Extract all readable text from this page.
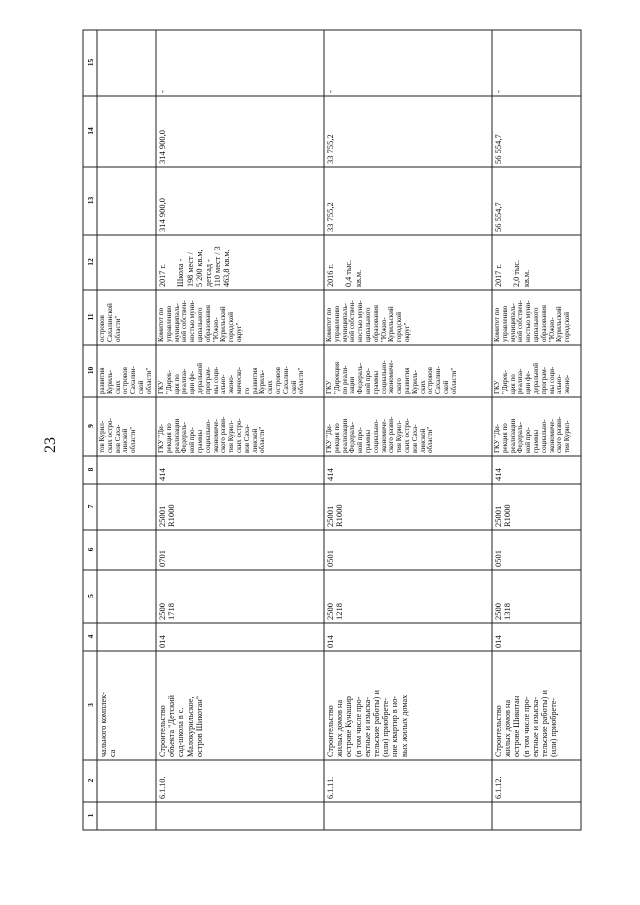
23
1
2
3
4
5
6
7
8
9
10
11
12
13
14
15
чального комплек-
са
тов Курил-
ских остро-
вов Саха-
линской
области"
развития
Куриль-
ских
островов
Сахалин-
ской
области"
островов
Сахалинской
области"
6.1.10.
Строительство
объекта "Детский
сад-школа в с.
Малокурильское,
остров Шикотан"
014
2500
1718
0701
25001
R1000
414
ГКУ "Ди-
рекция по
реализации
Федераль-
ной про-
граммы
социально-
экономиче-
ского разви-
тия Курил-
ских остро-
вов Саха-
линской
области"
ГКУ
"Дирек-
ция по
реализа-
ции фе-
деральной
програм-
мы соци-
ально-
эконо-
мическо-
го
развития
Куриль-
ских
островов
Сахалин-
ской
области"
Комитет по
управлению
муниципаль-
ной собствен-
ностью муни-
ципального
образования
"Южно-
Курильский
городской
округ"
2017 г.

Школа -
198 мест /
5 200 кв.м,
детсад -
110 мест / 3
463,8 кв.м.
314 900,0
314 900,0
-
6.1.11.
Строительство
жилых домов на
острове Кунашир
(в том числе про-
ектные и изыска-
тельские работы) и
(или) приобрете-
ние квартир в но-
вых жилых домах
014
2500
1218
0501
25001
R1000
414
ГКУ "Ди-
рекция по
реализации
Федераль-
ной про-
граммы
социально-
экономиче-
ского разви-
тия Курил-
ских остро-
вов Саха-
линской
области"
ГКУ
"Дирекция
по реали-
зации
Федераль-
ной про-
граммы
социально-
экономиче-
ского
развития
Куриль-
ских
островов
Сахалин-
ской
области"
Комитет по
управлению
муниципаль-
ной собствен-
ностью муни-
ципального
образования
"Южно-
Курильский
городской
округ"
2016 г.

0,4 тыс.
кв.м.
33 755,2
33 755,2
-
6.1.12.
Строительство
жилых домов на
острове Шикотан
(в том числе про-
ектные и изыска-
тельские работы) и
(или) приобрете-
014
2500
1318
0501
25001
R1000
414
ГКУ "Ди-
рекция по
реализации
Федераль-
ной про-
граммы
социально-
экономиче-
ского разви-
тия Курил-
ГКУ
"Дирек-
ция по
реализа-
ции фе-
деральной
програм-
мы соци-
ально-
эконо-
Комитет по
управлению
муниципаль-
ной собствен-
ностью муни-
ципального
образования
"Южно-
Курильский
городской
2017 г.

2,0 тыс.
кв.м.
56 554,7
56 554,7
-
